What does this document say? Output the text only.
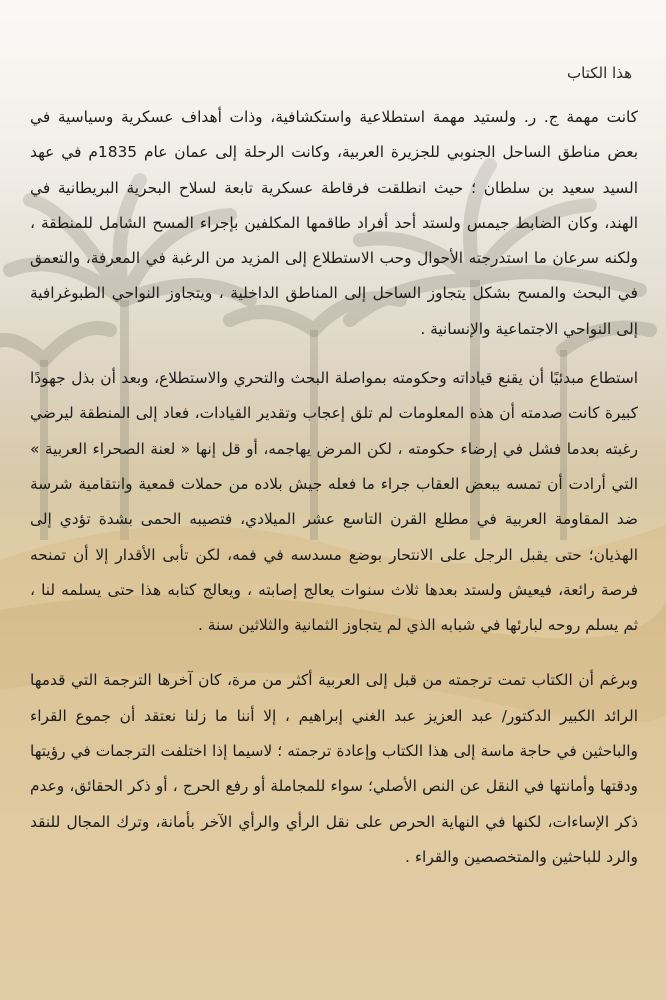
هذا الكتاب

كانت مهمة ج. ر. ولستيد مهمة استطلاعية واستكشافية، وذات أهداف عسكرية وسياسية في بعض مناطق الساحل الجنوبي للجزيرة العربية، وكانت الرحلة إلى عمان عام 1835م في عهد السيد سعيد بن سلطان ؛ حيث انطلقت فرقاطة عسكرية تابعة لسلاح البحرية البريطانية في الهند، وكان الضابط جيمس ولستد أحد أفراد طاقمها المكلفين بإجراء المسح الشامل للمنطقة ، ولكنه سرعان ما استدرجته الأحوال وحب الاستطلاع إلى المزيد من الرغبة في المعرفة، والتعمق في البحث والمسح بشكل يتجاوز الساحل إلى المناطق الداخلية ، ويتجاوز النواحي الطبوغرافية إلى النواحي الاجتماعية والإنسانية .

استطاع مبدئيًا أن يقنع قياداته وحكومته بمواصلة البحث والتحري والاستطلاع، وبعد أن بذل جهودًا كبيرة كانت صدمته أن هذه المعلومات لم تلق إعجاب وتقدير القيادات، فعاد إلى المنطقة ليرضي رغبته بعدما فشل في إرضاء حكومته ، لكن المرض يهاجمه، أو قل إنها « لعنة الصحراء العربية » التي أرادت أن تمسه ببعض العقاب جراء ما فعله جيش بلاده من حملات قمعية وانتقامية شرسة ضد المقاومة العربية في مطلع القرن التاسع عشر الميلادي، فتصيبه الحمى بشدة تؤدي إلى الهذيان؛ حتى يقبل الرجل على الانتحار بوضع مسدسه في فمه، لكن تأبى الأقدار إلا أن تمنحه فرصة رائعة، فيعيش ولستد بعدها ثلاث سنوات يعالج إصابته ، ويعالج كتابه هذا حتى يسلمه لنا ، ثم يسلم روحه لبارئها في شبابه الذي لم يتجاوز الثمانية والثلاثين سنة .

وبرغم أن الكتاب تمت ترجمته من قبل إلى العربية أكثر من مرة، كان آخرها الترجمة التي قدمها الرائد الكبير الدكتور/ عبد العزيز عبد الغني إبراهيم ، إلا أننا ما زلنا نعتقد أن جموع القراء والباحثين في حاجة ماسة إلى هذا الكتاب وإعادة ترجمته ؛ لاسيما إذا اختلفت الترجمات في رؤيتها ودقتها وأمانتها في النقل عن النص الأصلي؛ سواء للمجاملة أو رفع الحرج ، أو ذكر الحقائق، وعدم ذكر الإساءات، لكنها في النهاية الحرص على نقل الرأي والرأي الآخر بأمانة، وترك المجال للنقد والرد للباحثين والمتخصصين والقراء .
